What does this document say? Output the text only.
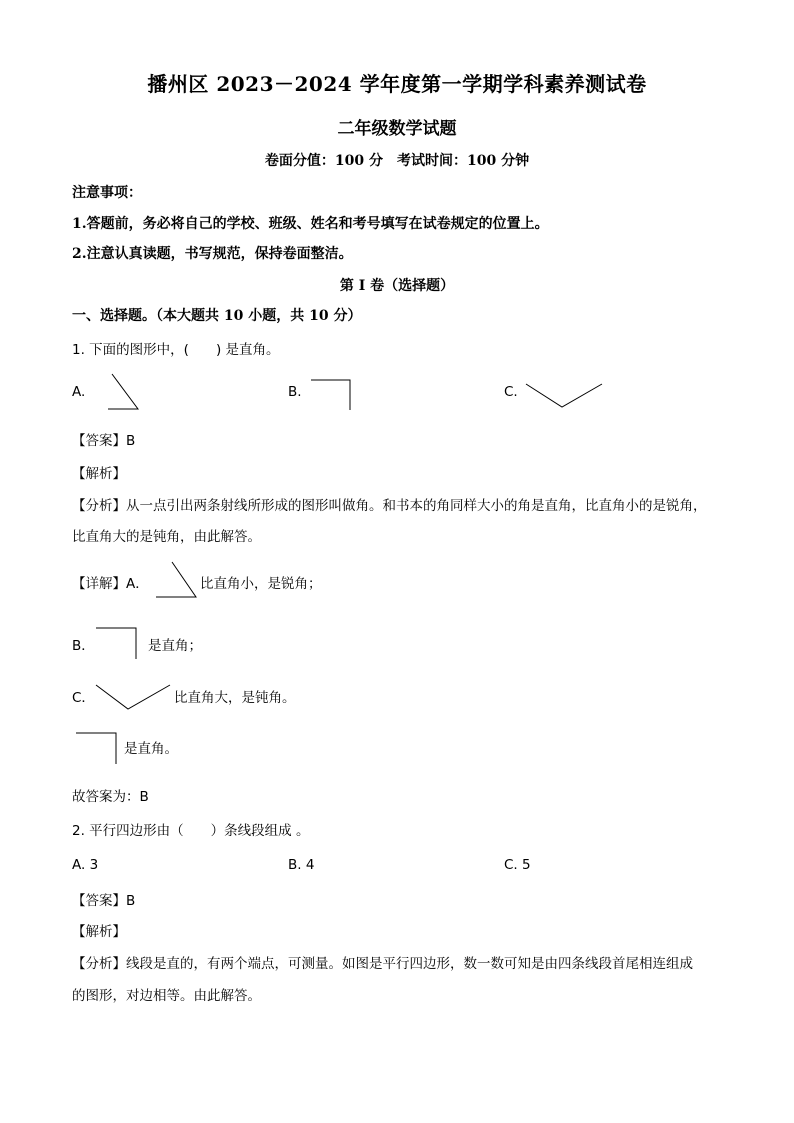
播州区 2023－2024 学年度第一学期学科素养测试卷
二年级数学试题
卷面分值：100 分　考试时间：100 分钟
注意事项：
1.答题前，务必将自己的学校、班级、姓名和考号填写在试卷规定的位置上。
2.注意认真读题，书写规范，保持卷面整洁。
第 I 卷（选择题）
一、选择题。（本大题共 10 小题，共 10 分）
1. 下面的图形中，(　　) 是直角。
A.	B.	C.
【答案】B
【解析】
【分析】从一点引出两条射线所形成的图形叫做角。和书本的角同样大小的角是直角，比直角小的是锐角，
比直角大的是钝角，由此解答。
【详解】A．	比直角小，是锐角；
B．	是直角；
C．	比直角大，是钝角。
是直角。
故答案为：B
2. 平行四边形由（　　）条线段组成 。
A. 3	B. 4	C. 5
【答案】B
【解析】
【分析】线段是直的，有两个端点，可测量。如图是平行四边形，数一数可知是由四条线段首尾相连组成
的图形，对边相等。由此解答。
